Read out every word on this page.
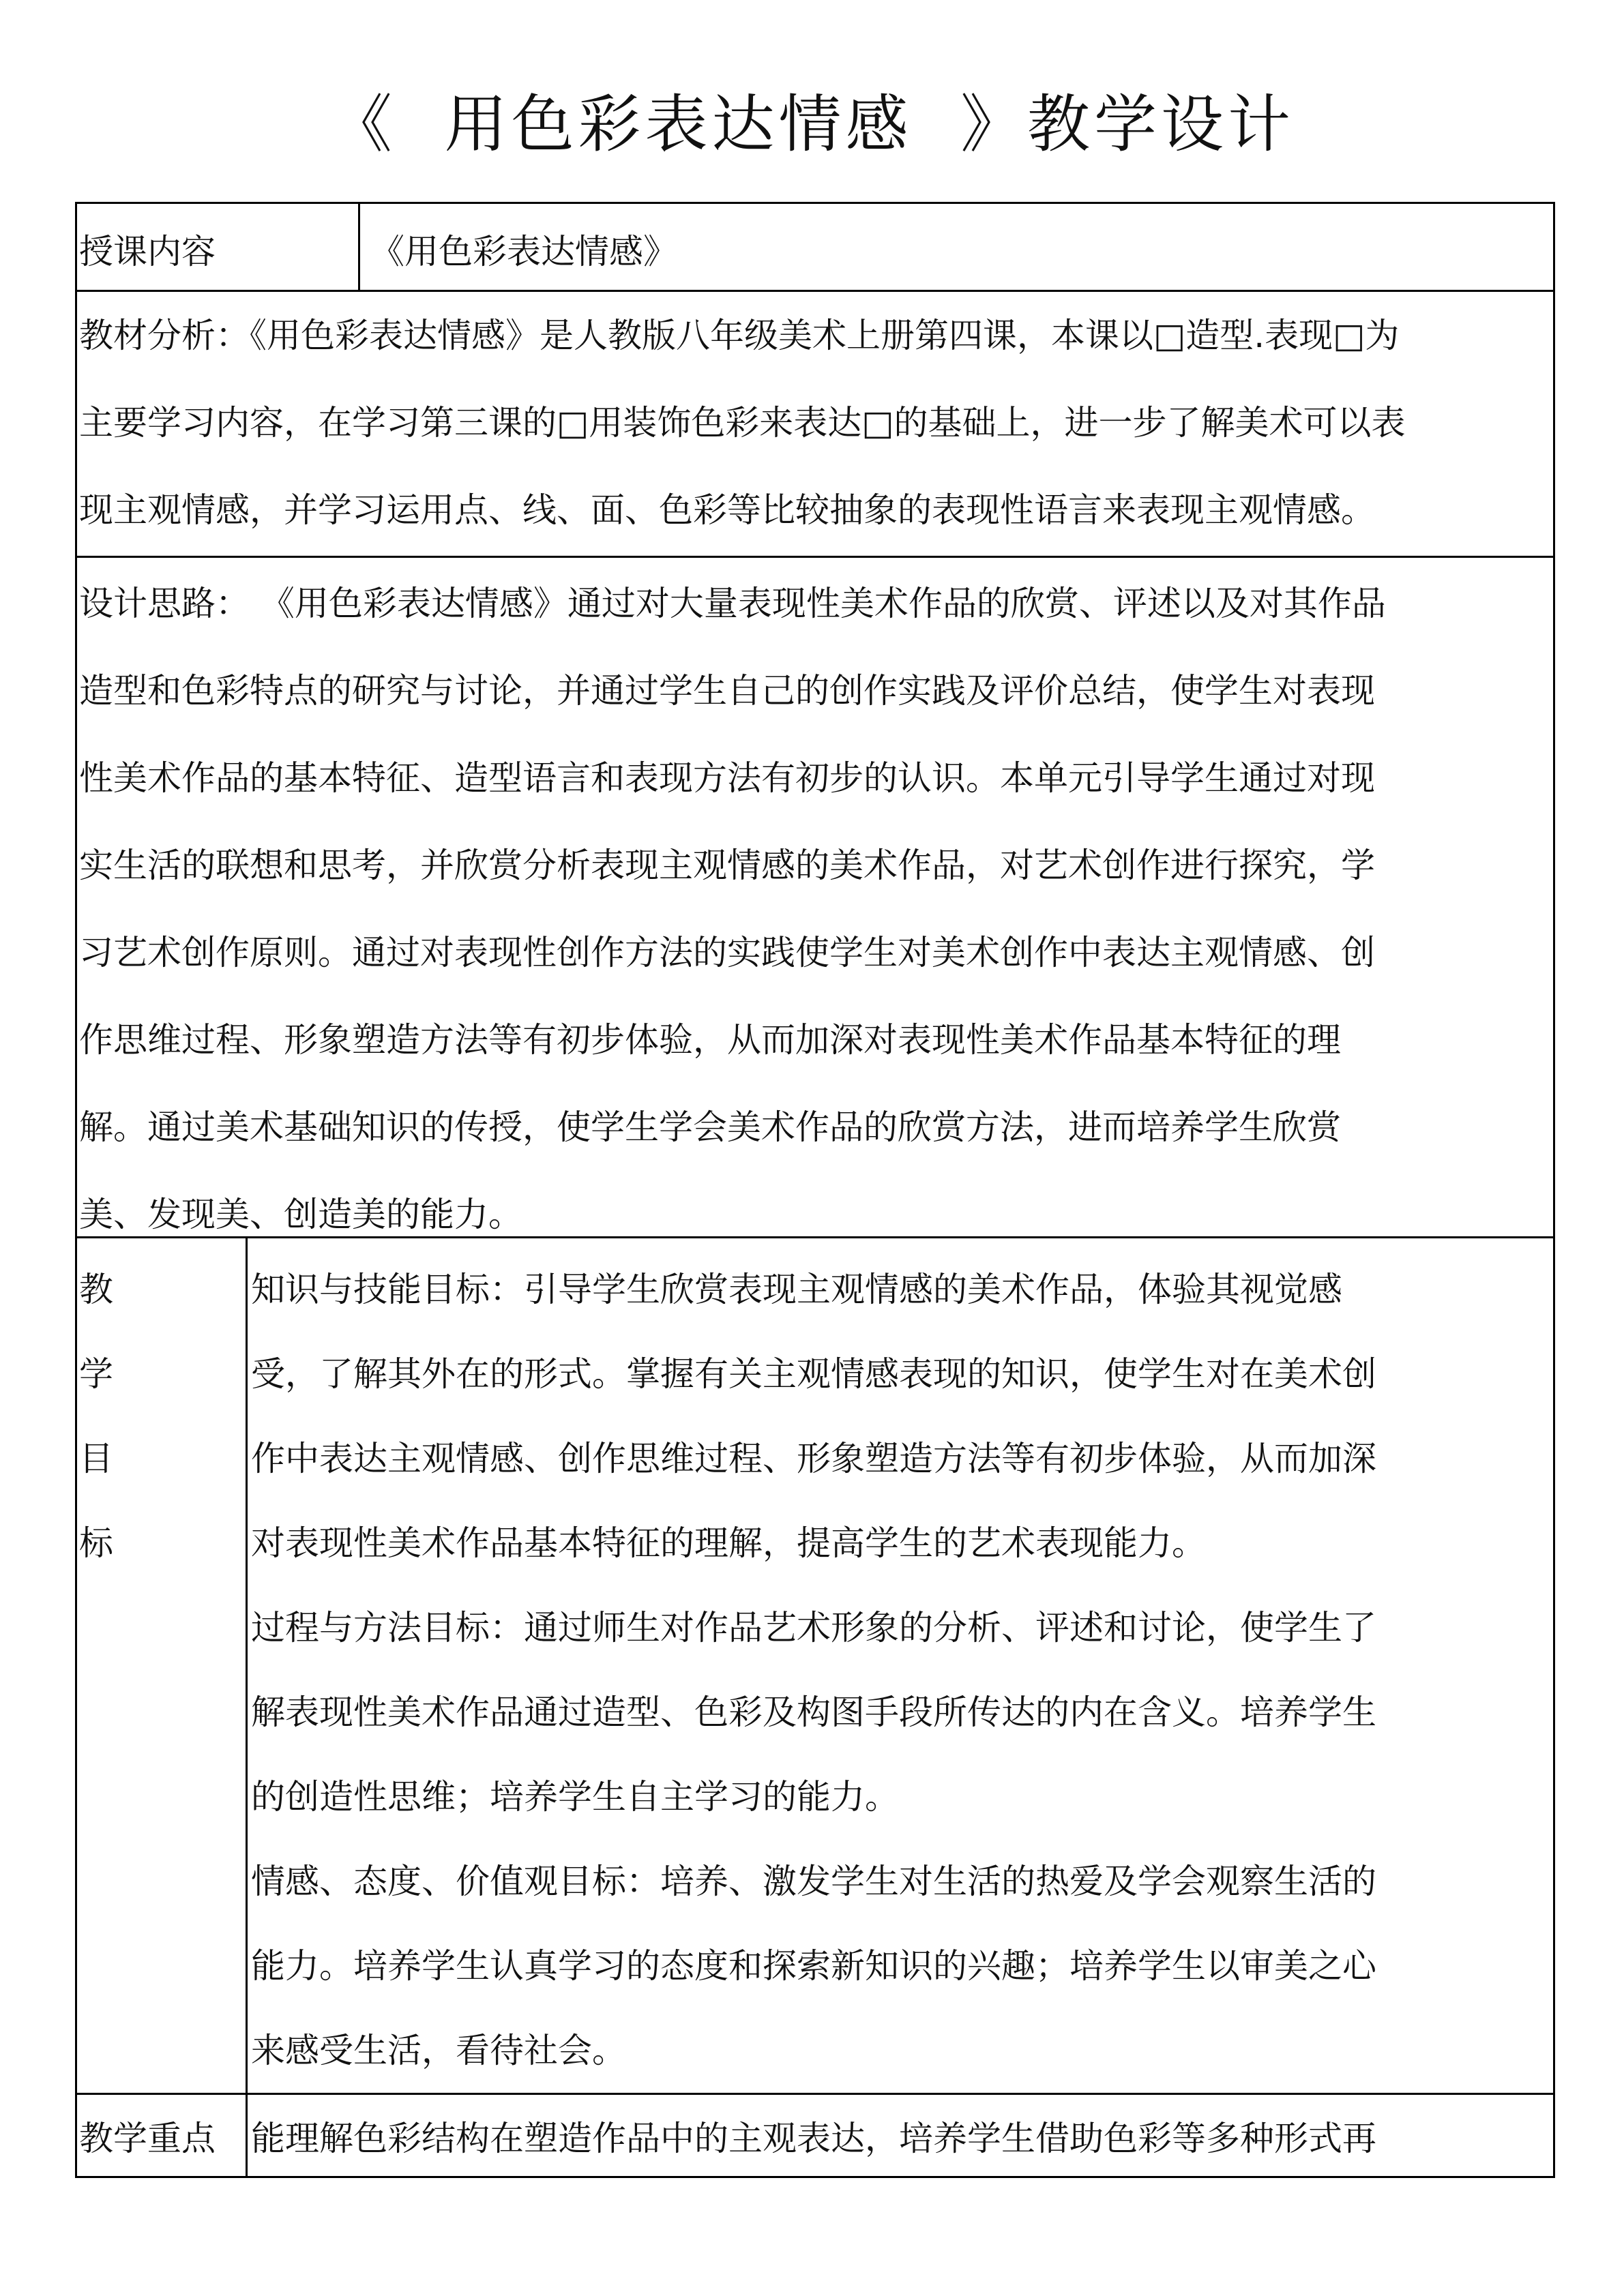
《  用色彩表达情感  》教学设计

授课内容	《用色彩表达情感》

教材分析：《用色彩表达情感》是人教版八年级美术上册第四课，本课以□造型.表现□为
主要学习内容，在学习第三课的□用装饰色彩来表达□的基础上，进一步了解美术可以表
现主观情感，并学习运用点、线、面、色彩等比较抽象的表现性语言来表现主观情感。
设计思路： 《用色彩表达情感》通过对大量表现性美术作品的欣赏、评述以及对其作品
造型和色彩特点的研究与讨论，并通过学生自己的创作实践及评价总结，使学生对表现
性美术作品的基本特征、造型语言和表现方法有初步的认识。本单元引导学生通过对现
实生活的联想和思考，并欣赏分析表现主观情感的美术作品，对艺术创作进行探究，学
习艺术创作原则。通过对表现性创作方法的实践使学生对美术创作中表达主观情感、创
作思维过程、形象塑造方法等有初步体验，从而加深对表现性美术作品基本特征的理
解。通过美术基础知识的传授，使学生学会美术作品的欣赏方法，进而培养学生欣赏
美、发现美、创造美的能力。
教
学
目
标
知识与技能目标：引导学生欣赏表现主观情感的美术作品，体验其视觉感
受，了解其外在的形式。掌握有关主观情感表现的知识，使学生对在美术创
作中表达主观情感、创作思维过程、形象塑造方法等有初步体验，从而加深
对表现性美术作品基本特征的理解，提高学生的艺术表现能力。
过程与方法目标：通过师生对作品艺术形象的分析、评述和讨论，使学生了
解表现性美术作品通过造型、色彩及构图手段所传达的内在含义。培养学生
的创造性思维；培养学生自主学习的能力。
情感、态度、价值观目标：培养、激发学生对生活的热爱及学会观察生活的
能力。培养学生认真学习的态度和探索新知识的兴趣；培养学生以审美之心
来感受生活，看待社会。

教学重点 能理解色彩结构在塑造作品中的主观表达，培养学生借助色彩等多种形式再
